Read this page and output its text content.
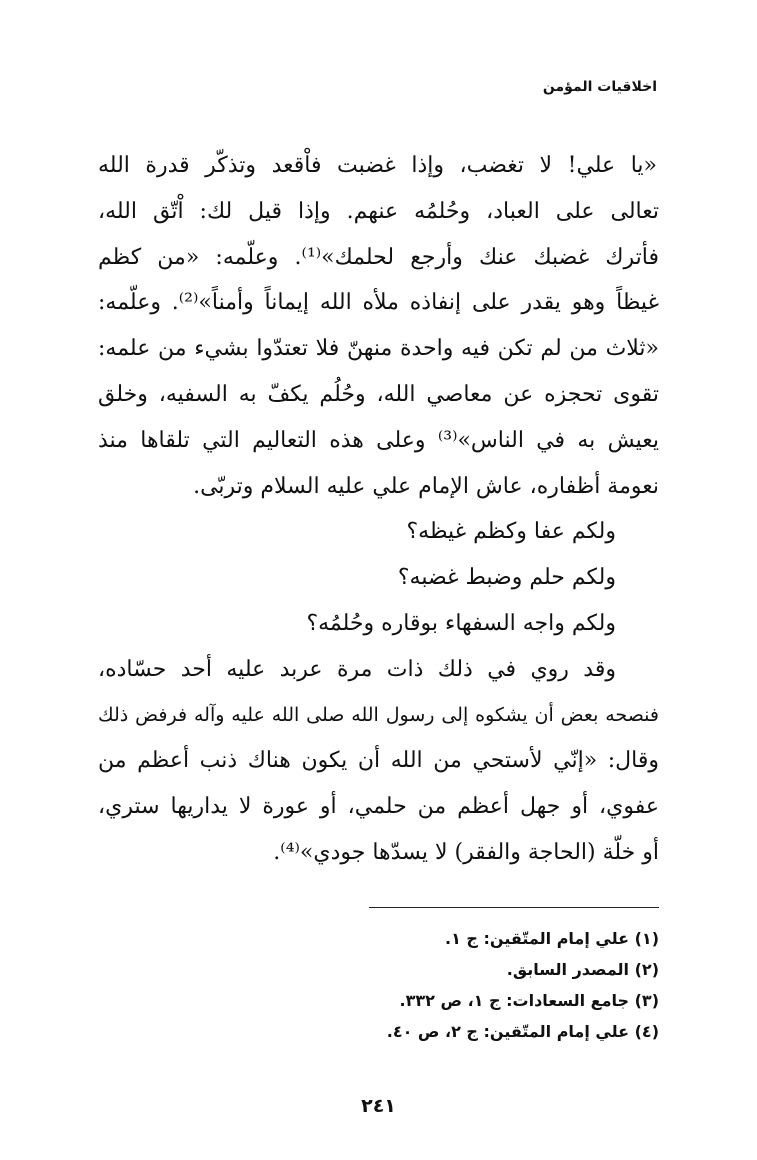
اخلاقيات المؤمن
«يا علي! لا تغضب، وإذا غضبت فاْقعد وتذكّر قدرة الله
تعالى على العباد، وحُلمُه عنهم. وإذا قيل لك: اْتّق الله،
فأترك غضبك عنك وأرجع لحلمك»⁽¹⁾. وعلّمه: «من كظم
غيظاً وهو يقدر على إنفاذه ملأه الله إيماناً وأمناً»⁽²⁾. وعلّمه:
«ثلاث من لم تكن فيه واحدة منهنّ فلا تعتدّوا بشيء من علمه:
تقوى تحجزه عن معاصي الله، وحُلُم يكفّ به السفيه، وخلق
يعيش به في الناس»⁽³⁾ وعلى هذه التعاليم التي تلقاها منذ
نعومة أظفاره، عاش الإمام علي عليه السلام وتربّى.
ولكم عفا وكظم غيظه؟
ولكم حلم وضبط غضبه؟
ولكم واجه السفهاء بوقاره وحُلمُه؟
وقد روي في ذلك ذات مرة عربد عليه أحد حسّاده،
فنصحه بعض أن يشكوه إلى رسول الله صلى الله عليه وآله فرفض ذلك
وقال: «إنّي لأستحي من الله أن يكون هناك ذنب أعظم من
عفوي، أو جهل أعظم من حلمي، أو عورة لا يداريها ستري،
أو خلّة (الحاجة والفقر) لا يسدّها جودي»⁽⁴⁾.
(١) علي إمام المتّقين: ج ١.
(٢) المصدر السابق.
(٣) جامع السعادات: ج ١، ص ٣٣٢.
(٤) علي إمام المتّقين: ج ٢، ص ٤٠.
٢٤١
